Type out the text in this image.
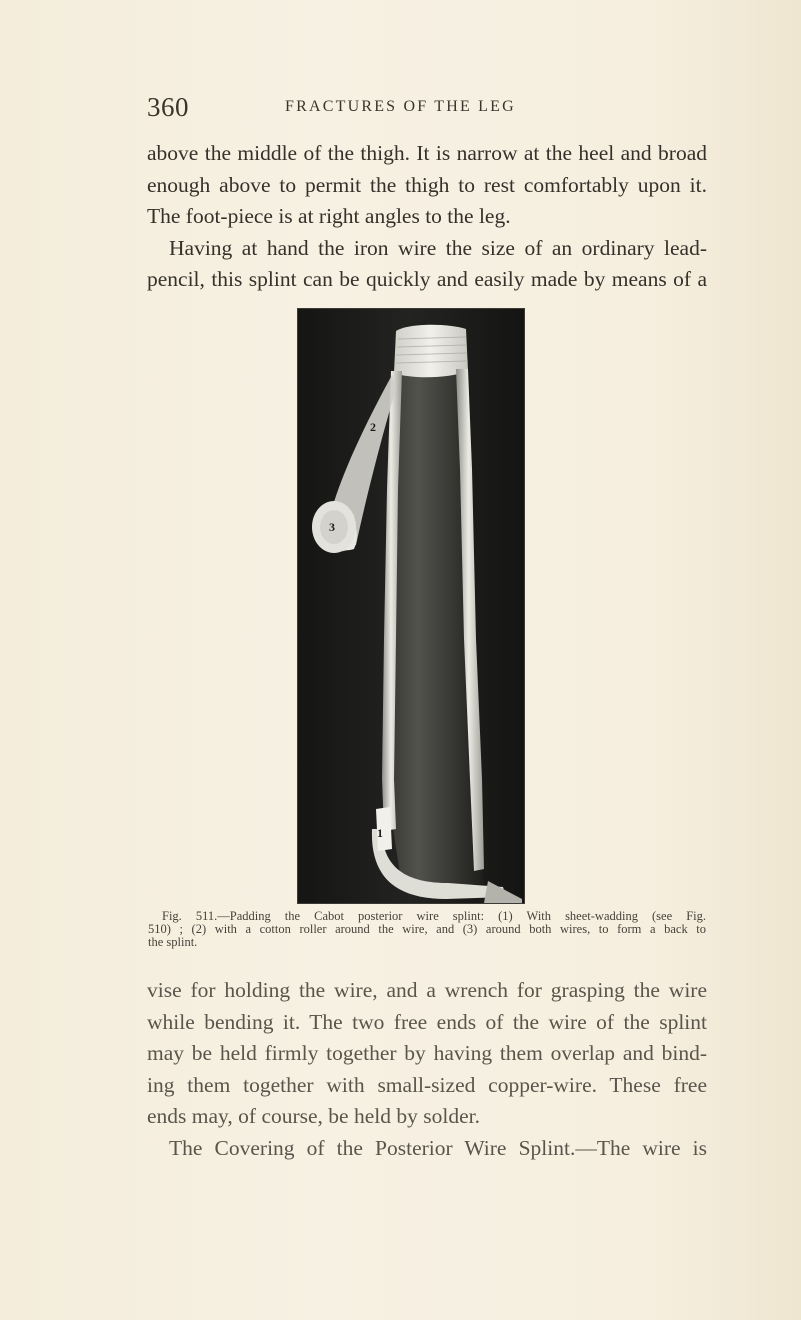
360	FRACTURES OF THE LEG
above the middle of the thigh. It is narrow at the heel and broad
enough above to permit the thigh to rest comfortably upon it.
The foot-piece is at right angles to the leg.
Having at hand the iron wire the size of an ordinary lead-
pencil, this splint can be quickly and easily made by means of a
2
3
1
Fig. 511.—Padding the Cabot posterior wire splint: (1) With sheet-wadding (see Fig.
510) ; (2) with a cotton roller around the wire, and (3) around both wires, to form a back to
the splint.
vise for holding the wire, and a wrench for grasping the wire
while bending it. The two free ends of the wire of the splint
may be held firmly together by having them overlap and bind-
ing them together with small-sized copper-wire. These free
ends may, of course, be held by solder.
The Covering of the Posterior Wire Splint.—The wire is
